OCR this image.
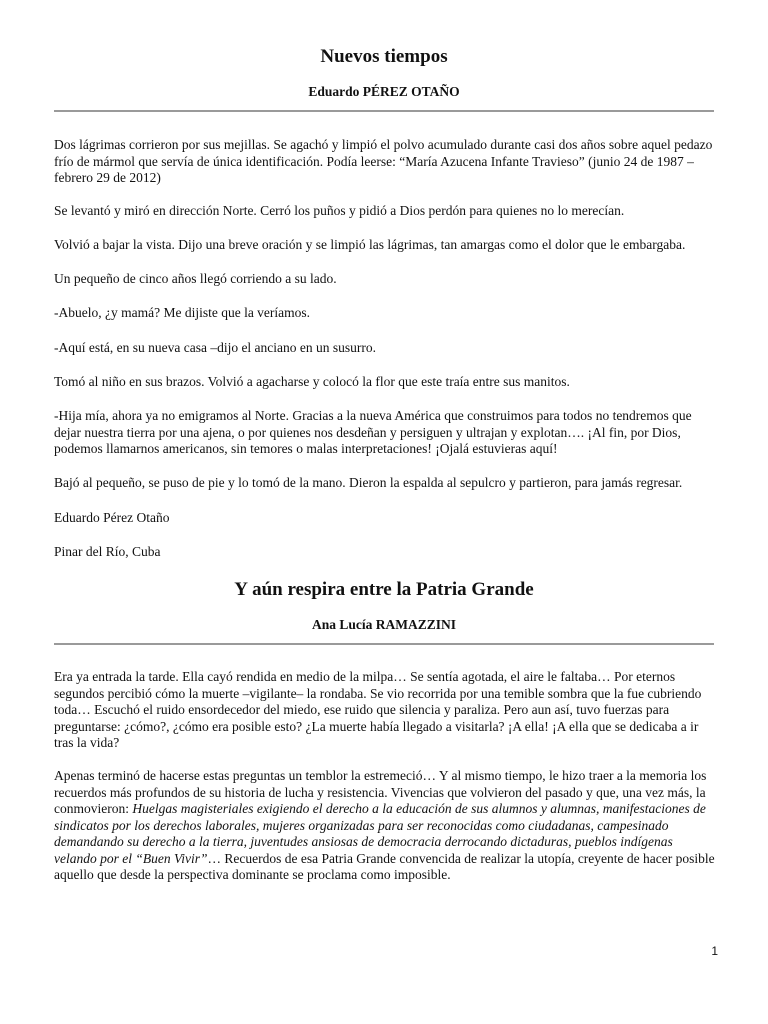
Nuevos tiempos
Eduardo PÉREZ OTAÑO

Dos lágrimas corrieron por sus mejillas. Se agachó y limpió el polvo acumulado durante casi dos años sobre aquel pedazo frío de mármol que servía de única identificación. Podía leerse: “María Azucena Infante Travieso” (junio 24 de 1987 – febrero 29 de 2012)

Se levantó y miró en dirección Norte. Cerró los puños y pidió a Dios perdón para quienes no lo merecían.

Volvió a bajar la vista. Dijo una breve oración y se limpió las lágrimas, tan amargas como el dolor que le embargaba.

Un pequeño de cinco años llegó corriendo a su lado.

-Abuelo, ¿y mamá? Me dijiste que la veríamos.

-Aquí está, en su nueva casa –dijo el anciano en un susurro.

Tomó al niño en sus brazos. Volvió a agacharse y colocó la flor que este traía entre sus manitos.

-Hija mía, ahora ya no emigramos al Norte. Gracias a la nueva América que construimos para todos no tendremos que dejar nuestra tierra por una ajena, o por quienes nos desdeñan y persiguen y ultrajan y explotan…. ¡Al fin, por Dios, podemos llamarnos americanos, sin temores o malas interpretaciones! ¡Ojalá estuvieras aquí!

Bajó al pequeño, se puso de pie y lo tomó de la mano. Dieron la espalda al sepulcro y partieron, para jamás regresar.

Eduardo Pérez Otaño

Pinar del Río, Cuba

Y aún respira entre la Patria Grande
Ana Lucía RAMAZZINI

Era ya entrada la tarde. Ella cayó rendida en medio de la milpa… Se sentía agotada, el aire le faltaba… Por eternos segundos percibió cómo la muerte –vigilante– la rondaba. Se vio recorrida por una temible sombra que la fue cubriendo toda… Escuchó el ruido ensordecedor del miedo, ese ruido que silencia y paraliza. Pero aun así, tuvo fuerzas para preguntarse: ¿cómo?, ¿cómo era posible esto? ¿La muerte había llegado a visitarla? ¡A ella! ¡A ella que se dedicaba a ir tras la vida?

Apenas terminó de hacerse estas preguntas un temblor la estremeció… Y al mismo tiempo, le hizo traer a la memoria los recuerdos más profundos de su historia de lucha y resistencia. Vivencias que volvieron del pasado y que, una vez más, la conmovieron: Huelgas magisteriales exigiendo el derecho a la educación de sus alumnos y alumnas, manifestaciones de sindicatos por los derechos laborales, mujeres organizadas para ser reconocidas como ciudadanas, campesinado demandando su derecho a la tierra, juventudes ansiosas de democracia derrocando dictaduras, pueblos indígenas velando por el “Buen Vivir”… Recuerdos de esa Patria Grande convencida de realizar la utopía, creyente de hacer posible aquello que desde la perspectiva dominante se proclama como imposible.

1
